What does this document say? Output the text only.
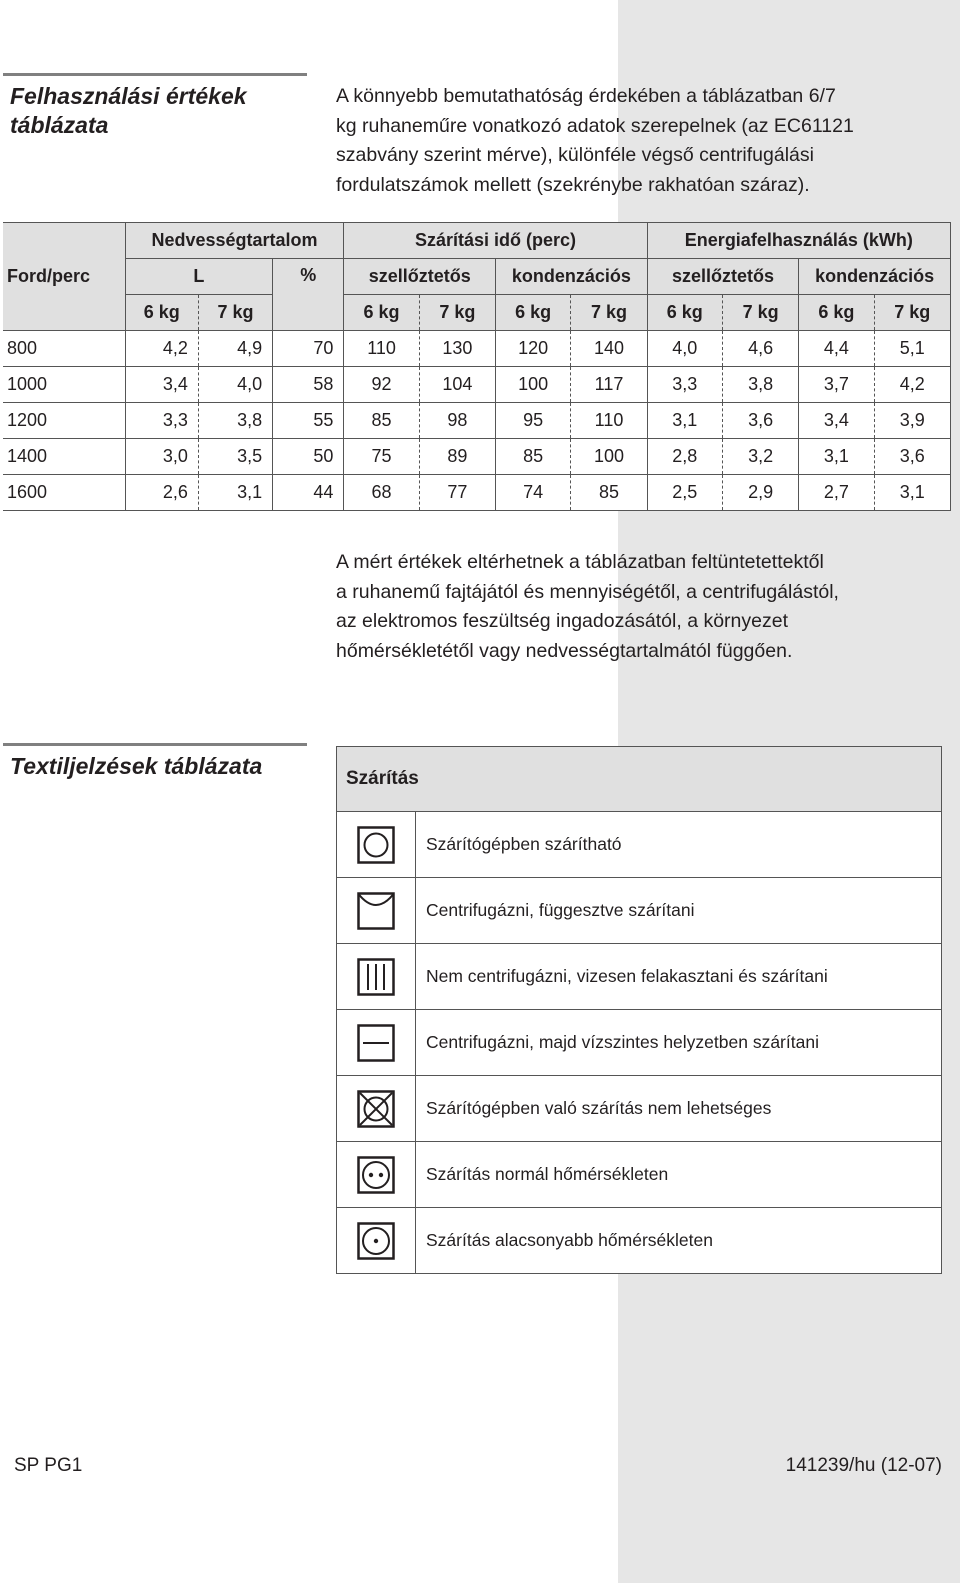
Felhasználási értékek
táblázata
A könnyebb bemutathatóság érdekében a táblázatban 6/7
kg ruhaneműre vonatkozó adatok szerepelnek (az EC61121
szabvány szerint mérve), különféle végső centrifugálási
fordulatszámok mellett (szekrénybe rakhatóan száraz).
Ford/perc	Nedvességtartalom			Szárítási idő (perc)				Energiafelhasználás (kWh)			
	L		%	szellőztetős		kondenzációs		szellőztetős		kondenzációs	
	6 kg	7 kg		6 kg	7 kg	6 kg	7 kg	6 kg	7 kg	6 kg	7 kg
800	4,2	4,9	70	110	130	120	140	4,0	4,6	4,4	5,1
1000	3,4	4,0	58	92	104	100	117	3,3	3,8	3,7	4,2
1200	3,3	3,8	55	85	98	95	110	3,1	3,6	3,4	3,9
1400	3,0	3,5	50	75	89	85	100	2,8	3,2	3,1	3,6
1600	2,6	3,1	44	68	77	74	85	2,5	2,9	2,7	3,1
A mért értékek eltérhetnek a táblázatban feltüntetettektől
a ruhanemű fajtájától és mennyiségétől, a centrifugálástól,
az elektromos feszültség ingadozásától, a környezet
hőmérsékletétől vagy nedvességtartalmától függően.
Textiljelzések táblázata	Szárítás	

	Szárítógépben szárítható

	Centrifugázni, függesztve szárítani

	Nem centrifugázni, vizesen felakasztani és szárítani

	Centrifugázni, majd vízszintes helyzetben szárítani

	Szárítógépben való szárítás nem lehetséges

	Szárítás normál hőmérsékleten

	Szárítás alacsonyabb hőmérsékleten
SP PG1	141239/hu (12-07)
